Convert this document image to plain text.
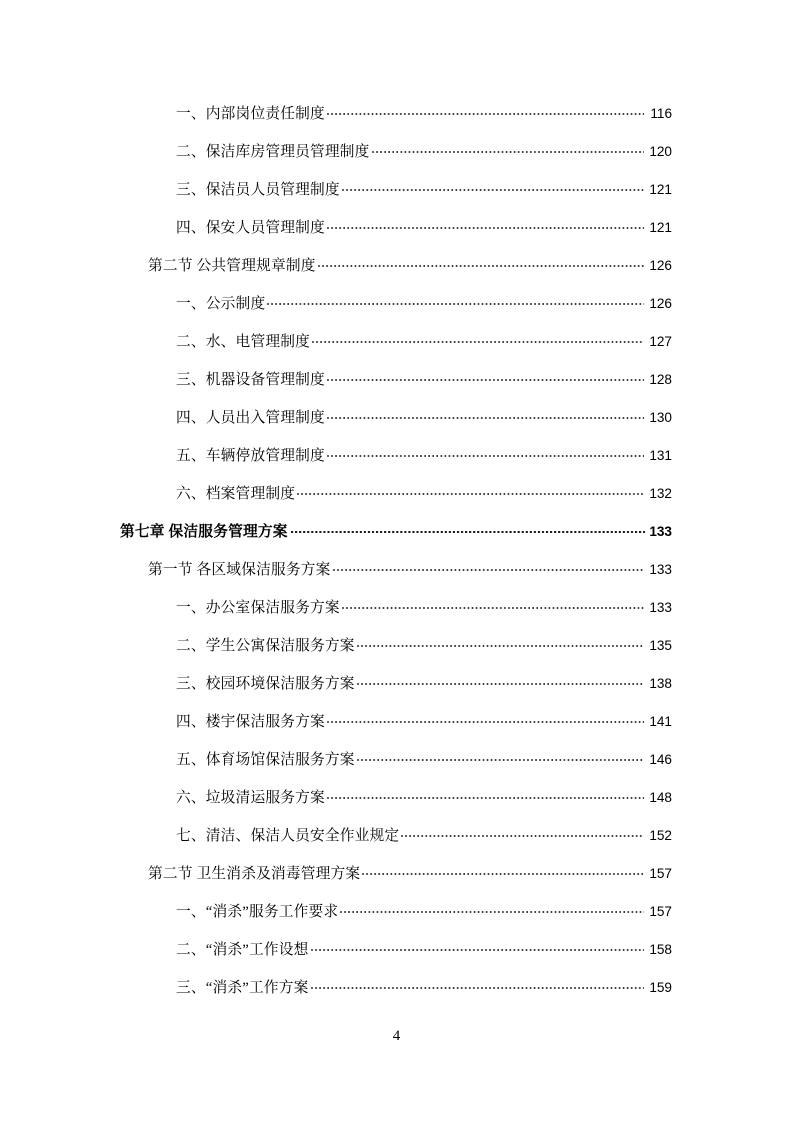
一、内部岗位责任制度	116
二、保洁库房管理员管理制度	120
三、保洁员人员管理制度	121
四、保安人员管理制度	121
第二节 公共管理规章制度	126
一、公示制度	126
二、水、电管理制度	127
三、机器设备管理制度	128
四、人员出入管理制度	130
五、车辆停放管理制度	131
六、档案管理制度	132
第七章 保洁服务管理方案	133
第一节 各区域保洁服务方案	133
一、办公室保洁服务方案	133
二、学生公寓保洁服务方案	135
三、校园环境保洁服务方案	138
四、楼宇保洁服务方案	141
五、体育场馆保洁服务方案	146
六、垃圾清运服务方案	148
七、清洁、保洁人员安全作业规定	152
第二节 卫生消杀及消毒管理方案	157
一、“消杀”服务工作要求	157
二、“消杀”工作设想	158
三、“消杀”工作方案	159
4
